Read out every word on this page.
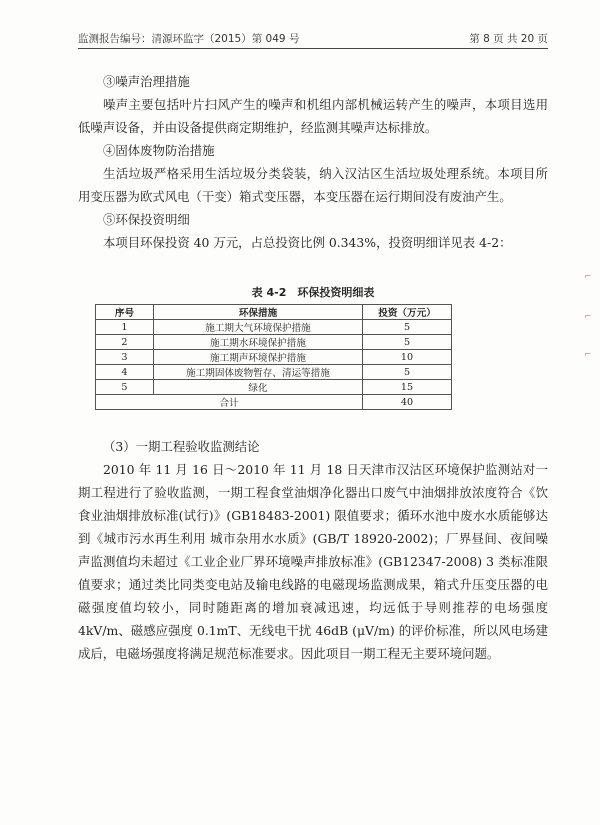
监测报告编号：清源环监字（2015）第 049 号	第 8 页 共 20 页

③噪声治理措施

噪声主要包括叶片扫风产生的噪声和机组内部机械运转产生的噪声，本项目选用低噪声设备，并由设备提供商定期维护，经监测其噪声达标排放。

④固体废物防治措施

生活垃圾严格采用生活垃圾分类袋装，纳入汉沽区生活垃圾处理系统。本项目所用变压器为欧式风电（干变）箱式变压器，本变压器在运行期间没有废油产生。

⑤环保投资明细

本项目环保投资 40 万元，占总投资比例 0.343%，投资明细详见表 4-2：

表 4-2　环保投资明细表
序号	环保措施	投资（万元）
1	施工期大气环境保护措施	5
2	施工期水环境保护措施	5
3	施工期声环境保护措施	10
4	施工期固体废物暂存、清运等措施	5
5	绿化	15
合计		40

（3）一期工程验收监测结论

2010 年 11 月 16 日～2010 年 11 月 18 日天津市汉沽区环境保护监测站对一期工程进行了验收监测，一期工程食堂油烟净化器出口废气中油烟排放浓度符合《饮食业油烟排放标准(试行)》(GB18483-2001) 限值要求；循环水池中废水水质能够达到《城市污水再生利用 城市杂用水水质》(GB/T 18920-2002)；厂界昼间、夜间噪声监测值均未超过《工业企业厂界环境噪声排放标准》(GB12347-2008) 3 类标准限值要求；通过类比同类变电站及输电线路的电磁现场监测成果，箱式升压变压器的电磁强度值均较小，同时随距离的增加衰减迅速，均远低于导则推荐的电场强度 4kV/m、磁感应强度 0.1mT、无线电干扰 46dB (μV/m) 的评价标准，所以风电场建成后，电磁场强度将满足规范标准要求。因此项目一期工程无主要环境问题。

⌐
⌐
⌐
